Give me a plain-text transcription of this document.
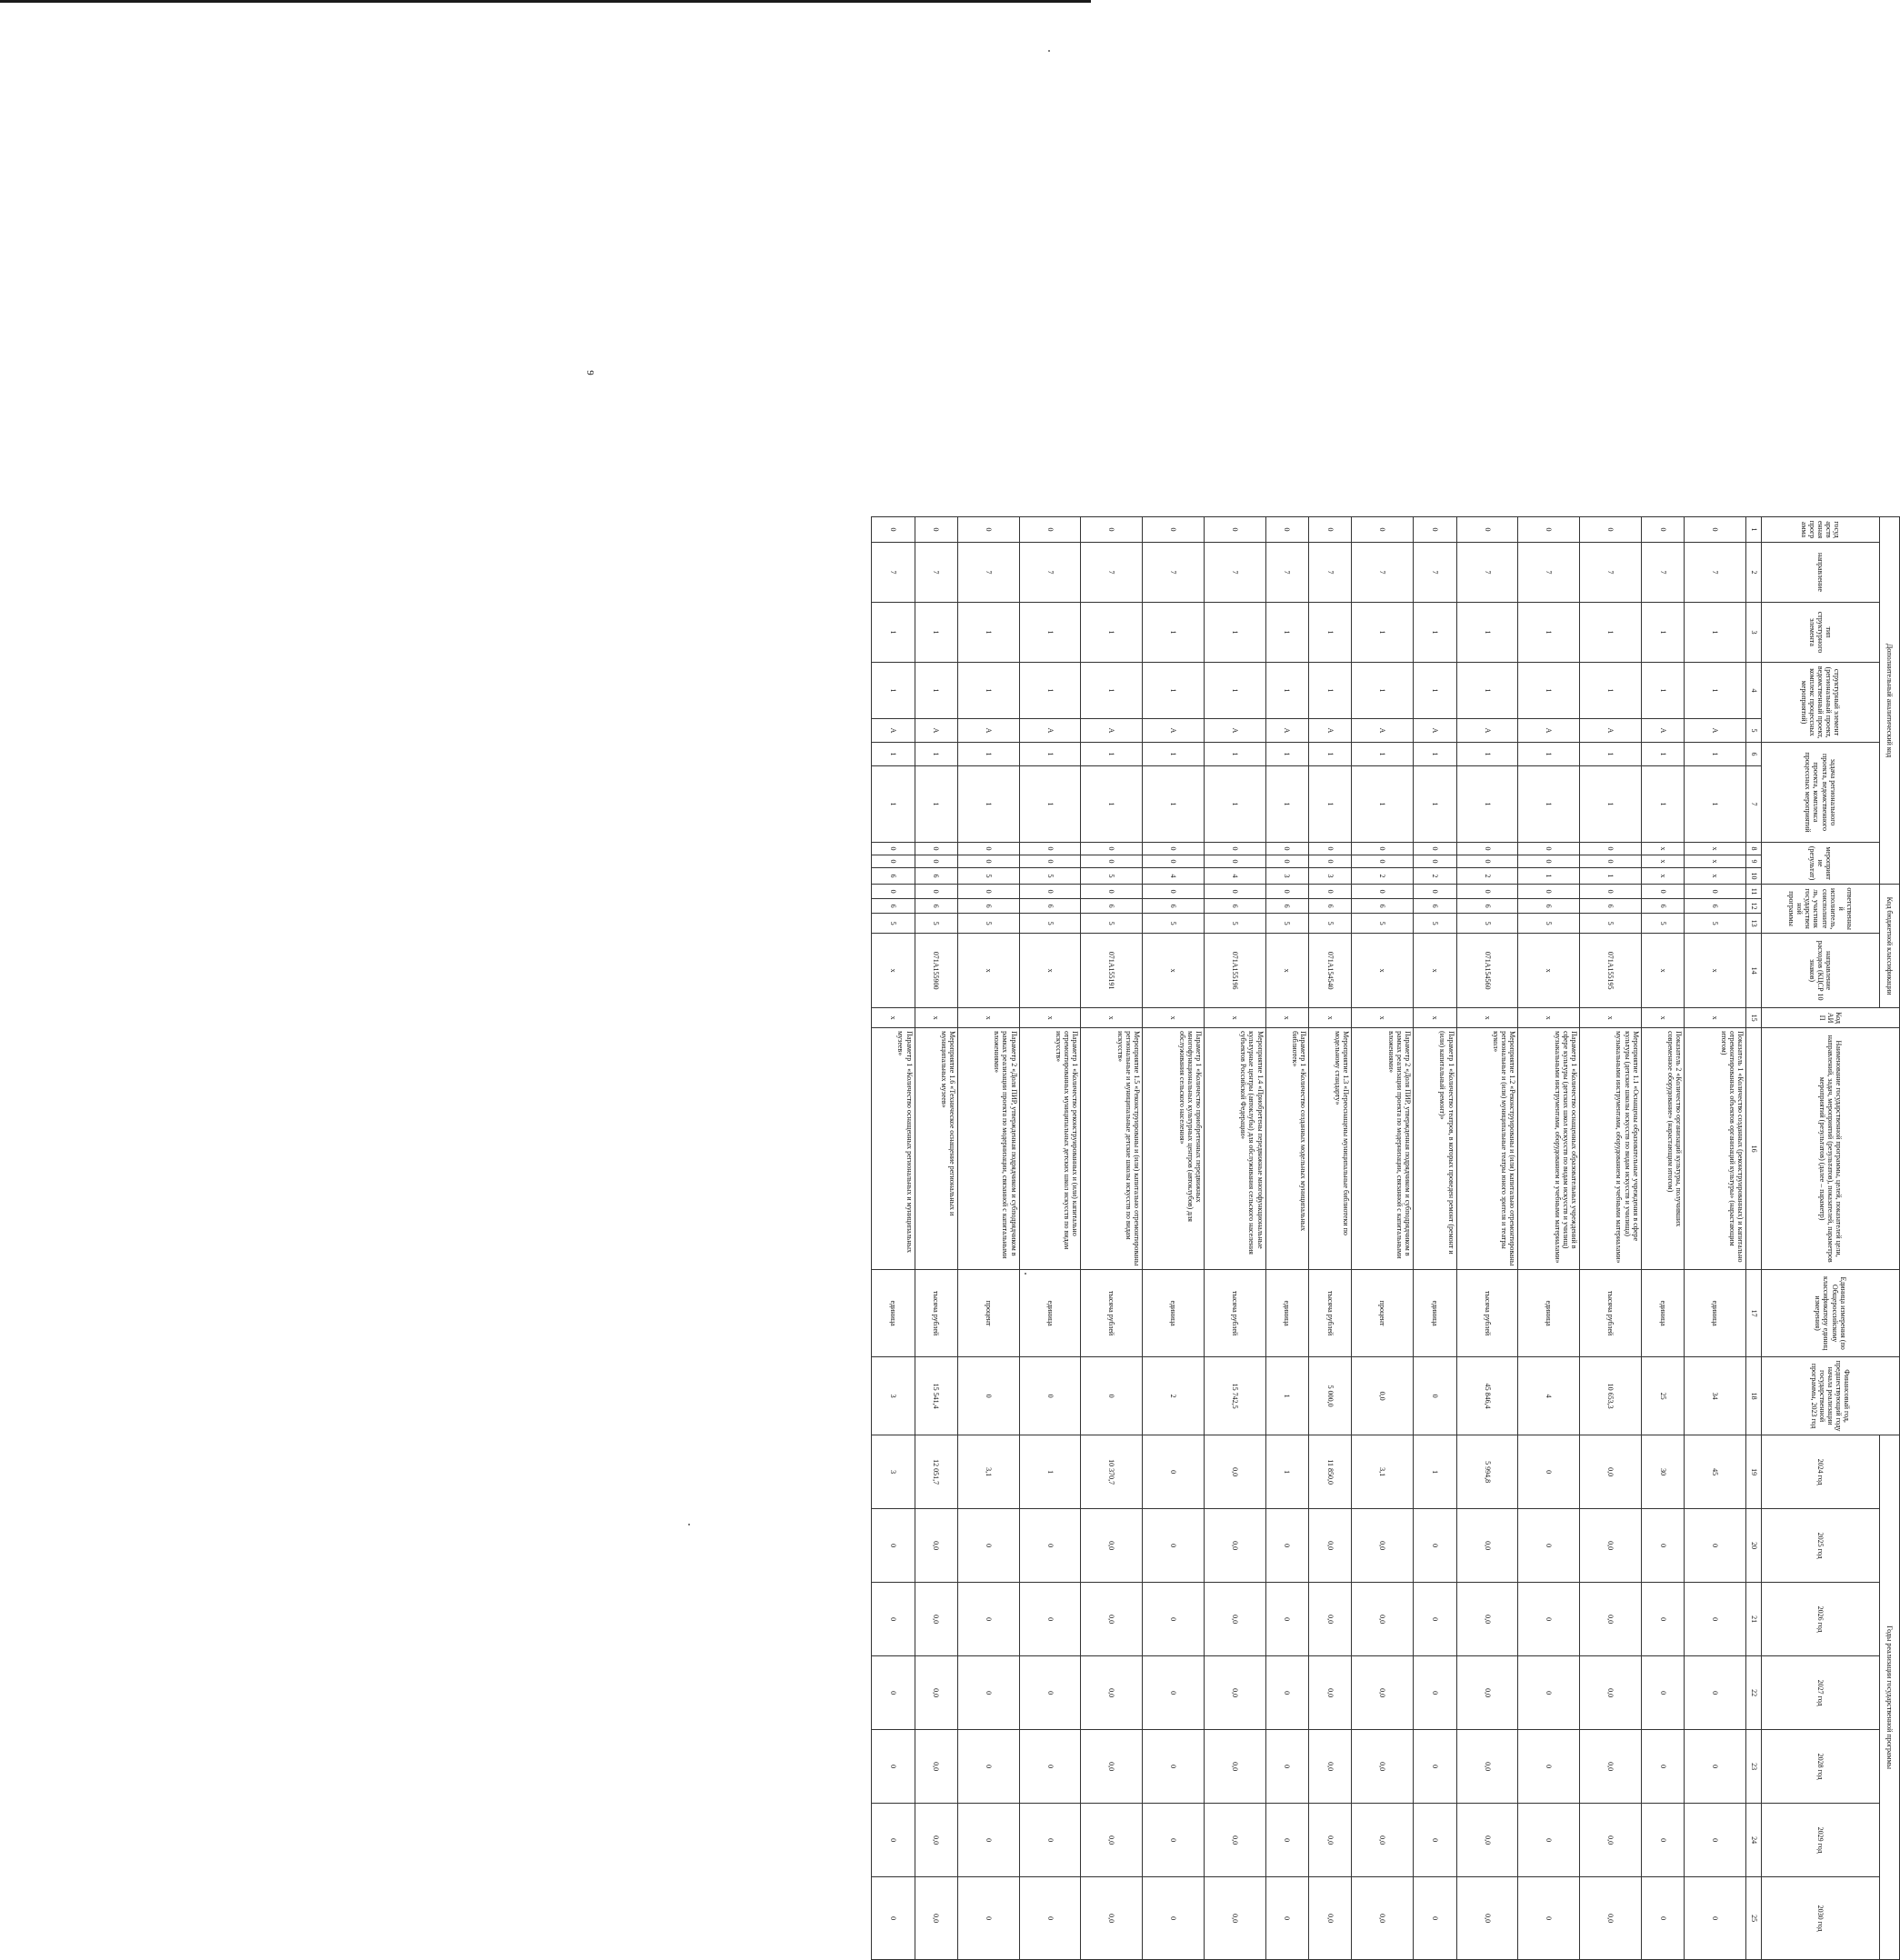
9
Дополнительный аналитический код										Код бюджетной классификации				Код АИП	Наименование государственной программы, целей, показателей цели, направлений, задач, мероприятий (результатов), показателей, параметров мероприятий (результатов) (далее – параметр)	Единица измерения (по Общероссийскому классификатору единиц измерения)	Финансовый год, предшествующий году начала реализации государственной программы, 2023 год	Годы реализации государственной программы						
государственная программа	направление	тип структурного элемента	структурный элемент (региональный проект, ведомственный проект, комплекс процессных мероприятий)		задача регионального проекта, ведомственного проекта, комплекса процессных мероприятий		мероприятие (результат)			ответственный исполнитель, соисполнитель, участник государственной программы			направление расходов (КЦСР 10 знаков)					2024 год	2025 год	2026 год	2027 год	2028 год	2029 год	2030 год

1	2	3	4	5	6	7	8	9	10	11	12	13	14	15	16	17	18	19	20	21	22	23	24	25
0	7	1	1	А	1	1	х	х	х	0	6	5	х	х	Показатель 1 «Количество созданных (реконструированных) и капитально отремонтированных объектов организаций культуры» (нарастающим итогом)	единица	34	45	0	0	0	0	0	0
0	7	1	1	А	1	1	х	х	х	0	6	5	х	х	Показатель 2 «Количество организаций культуры, получивших современное оборудование» (нарастающим итогом)	единица	25	30	0	0	0	0	0	0
0	7	1	1	А	1	1	0	0	1	0	6	5	071А155195	х	Мероприятие 1.1 «Оснащены образовательные учреждения в сфере культуры (детские школы искусств по видам искусств и училища) музыкальными инструментами, оборудованием и учебными материалами»	тысяча рублей	10 653,3	0,0	0,0	0,0	0,0	0,0	0,0	0,0
0	7	1	1	А	1	1	0	0	1	0	6	5	х	х	Параметр 1 «Количество оснащенных образовательных учреждений в сфере культуры (детских школ искусств по видам искусств и училищ) музыкальными инструментами, оборудованием и учебными материалами»	единица	4	0	0	0	0	0	0	0
0	7	1	1	А	1	1	0	0	2	0	6	5	071А154560	х	Мероприятие 1.2 «Реконструированы и (или) капитально отремонтированы региональные и (или) муниципальные театры юного зрителя и театры кукол»	тысяча рублей	45 846,4	5 994,8	0,0	0,0	0,0	0,0	0,0	0,0
0	7	1	1	А	1	1	0	0	2	0	6	5	х	х	Параметр 1 «Количество театров, в которых проведен ремонт (ремонт и (или) капитальный ремонт)»	единица	0	1	0	0	0	0	0	0
0	7	1	1	А	1	1	0	0	2	0	6	5	х	х	Параметр 2 «Доля ПИР, утвержденная подрядчиком и субподрядчиком в рамках реализации проекта по модернизации, связанной с капитальными вложениями»	процент	0,0	3,1	0,0	0,0	0,0	0,0	0,0	0,0
0	7	1	1	А	1	1	0	0	3	0	6	5	071А154540	х	Мероприятие 1.3 «Переоснащены муниципальные библиотеки по модельному стандарту»	тысяча рублей	5 000,0	11 850,0	0,0	0,0	0,0	0,0	0,0	0,0
0	7	1	1	А	1	1	0	0	3	0	6	5	х	х	Параметр 1 «Количество созданных модельных муниципальных библиотек»	единица	1	1	0	0	0	0	0	0
0	7	1	1	А	1	1	0	0	4	0	6	5	071А155196	х	Мероприятие 1.4 «Приобретены передвижные многофункциональные культурные центры (автоклубы) для обслуживания сельского населения субъектов Российской Федерации»	тысяча рублей	15 742,5	0,0	0,0	0,0	0,0	0,0	0,0	0,0
0	7	1	1	А	1	1	0	0	4	0	6	5	х	х	Параметр 1 «Количество приобретенных передвижных многофункциональных культурных центров (автоклубов) для обслуживания сельского населения»	единица	2	0	0	0	0	0	0	0
0	7	1	1	А	1	1	0	0	5	0	6	5	071А155191	х	Мероприятие 1.5 «Реконструированы и (или) капитально отремонтированы региональные и муниципальные детские школы искусств по видам искусств»	тысяча рублей	0	10 370,7	0,0	0,0	0,0	0,0	0,0	0,0
0	7	1	1	А	1	1	0	0	5	0	6	5	х	х	Параметр 1 «Количество реконструированных и (или) капитально отремонтированных муниципальных детских школ искусств по видам искусств»	единица	0	1	0	0	0	0	0	0
0	7	1	1	А	1	1	0	0	5	0	6	5	х	х	Параметр 2 «Доля ПИР, утвержденная подрядчиком и субподрядчиком в рамках реализации проекта по модернизации, связанной с капитальными вложениями»	процент	0	3,1	0	0	0	0	0	0
0	7	1	1	А	1	1	0	0	6	0	6	5	071А155900	х	Мероприятие 1.6 «Техническое оснащение региональных и муниципальных музеев»	тысяча рублей	15 541,4	12 051,7	0,0	0,0	0,0	0,0	0,0	0,0
0	7	1	1	А	1	1	0	0	6	0	6	5	х	х	Параметр 1 «Количество оснащенных региональных и муниципальных музеев»	единица	3	3	0	0	0	0	0	0
